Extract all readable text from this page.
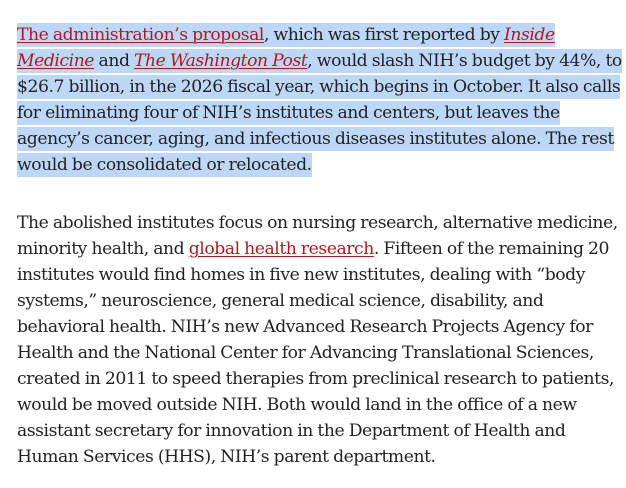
The administration’s proposal, which was first reported by Inside Medicine and The Washington Post, would slash NIH’s budget by 44%, to $26.7 billion, in the 2026 fiscal year, which begins in October. It also calls for eliminating four of NIH’s institutes and centers, but leaves the agency’s cancer, aging, and infectious diseases institutes alone. The rest would be consolidated or relocated.

The abolished institutes focus on nursing research, alternative medicine, minority health, and global health research. Fifteen of the remaining 20 institutes would find homes in five new institutes, dealing with “body systems,” neuroscience, general medical science, disability, and behavioral health. NIH’s new Advanced Research Projects Agency for Health and the National Center for Advancing Translational Sciences, created in 2011 to speed therapies from preclinical research to patients, would be moved outside NIH. Both would land in the office of a new assistant secretary for innovation in the Department of Health and Human Services (HHS), NIH’s parent department.
